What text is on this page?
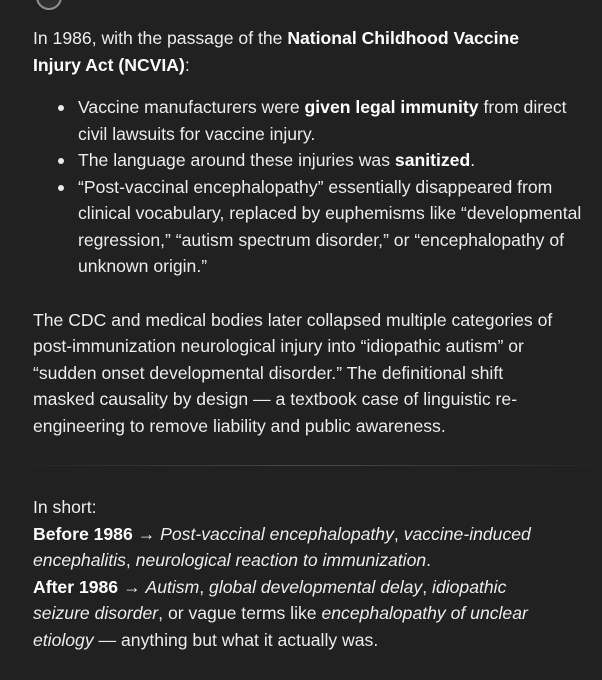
In 1986, with the passage of the National Childhood Vaccine Injury Act (NCVIA):

Vaccine manufacturers were given legal immunity from direct civil lawsuits for vaccine injury.
The language around these injuries was sanitized.
“Post-vaccinal encephalopathy” essentially disappeared from clinical vocabulary, replaced by euphemisms like “developmental regression,” “autism spectrum disorder,” or “encephalopathy of unknown origin.”

The CDC and medical bodies later collapsed multiple categories of post-immunization neurological injury into “idiopathic autism” or “sudden onset developmental disorder.” The definitional shift masked causality by design — a textbook case of linguistic re-engineering to remove liability and public awareness.

In short:
Before 1986 → Post-vaccinal encephalopathy, vaccine-induced encephalitis, neurological reaction to immunization.
After 1986 → Autism, global developmental delay, idiopathic seizure disorder, or vague terms like encephalopathy of unclear etiology — anything but what it actually was.
